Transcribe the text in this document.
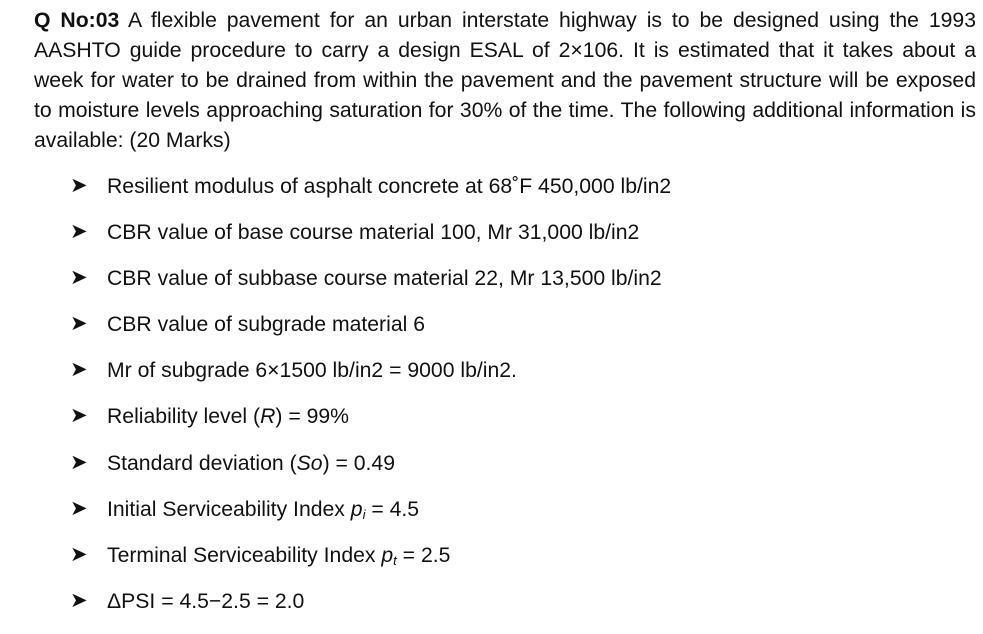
Q No:03 A flexible pavement for an urban interstate highway is to be designed using the 1993 AASHTO guide procedure to carry a design ESAL of 2×106. It is estimated that it takes about a week for water to be drained from within the pavement and the pavement structure will be exposed to moisture levels approaching saturation for 30% of the time. The following additional information is available: (20 Marks)
➤ Resilient modulus of asphalt concrete at 68˚F 450,000 lb/in2
➤ CBR value of base course material 100, Mr 31,000 lb/in2
➤ CBR value of subbase course material 22, Mr 13,500 lb/in2
➤ CBR value of subgrade material 6
➤ Mr of subgrade 6×1500 lb/in2 = 9000 lb/in2.
➤ Reliability level (R) = 99%
➤ Standard deviation (So) = 0.49
➤ Initial Serviceability Index pi = 4.5
➤ Terminal Serviceability Index pt = 2.5
➤ ΔPSI = 4.5−2.5 = 2.0
